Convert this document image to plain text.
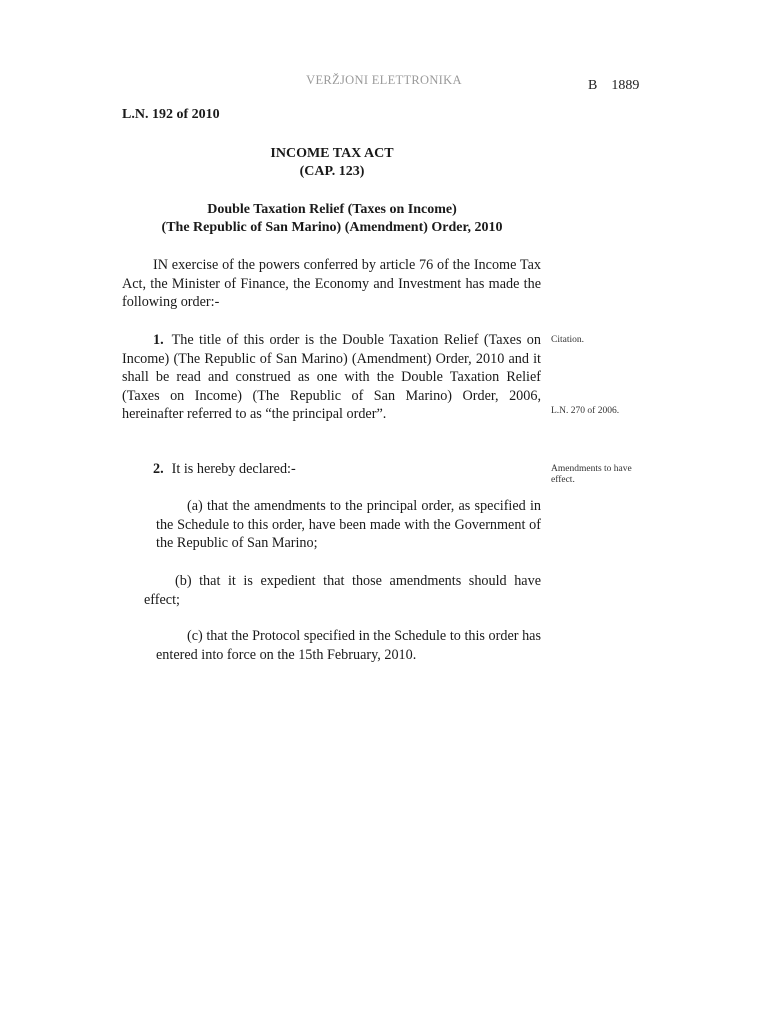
VERŽJONI ELETTRONIKA	B 1889
L.N. 192 of 2010
INCOME TAX ACT
(CAP. 123)
Double Taxation Relief (Taxes on Income)
(The Republic of San Marino) (Amendment) Order, 2010
IN exercise of the powers conferred by article 76 of the Income Tax Act, the Minister of Finance, the Economy and Investment has made the following order:-
1. The title of this order is the Double Taxation Relief (Taxes on Income) (The Republic of San Marino) (Amendment) Order, 2010 and it shall be read and construed as one with the Double Taxation Relief (Taxes on Income) (The Republic of San Marino) Order, 2006, hereinafter referred to as “the principal order”.
2. It is hereby declared:-
(a) that the amendments to the principal order, as specified in the Schedule to this order, have been made with the Government of the Republic of San Marino;
(b) that it is expedient that those amendments should have effect;
(c) that the Protocol specified in the Schedule to this order has entered into force on the 15th February, 2010.
Citation.
L.N. 270 of 2006.
Amendments to have effect.
